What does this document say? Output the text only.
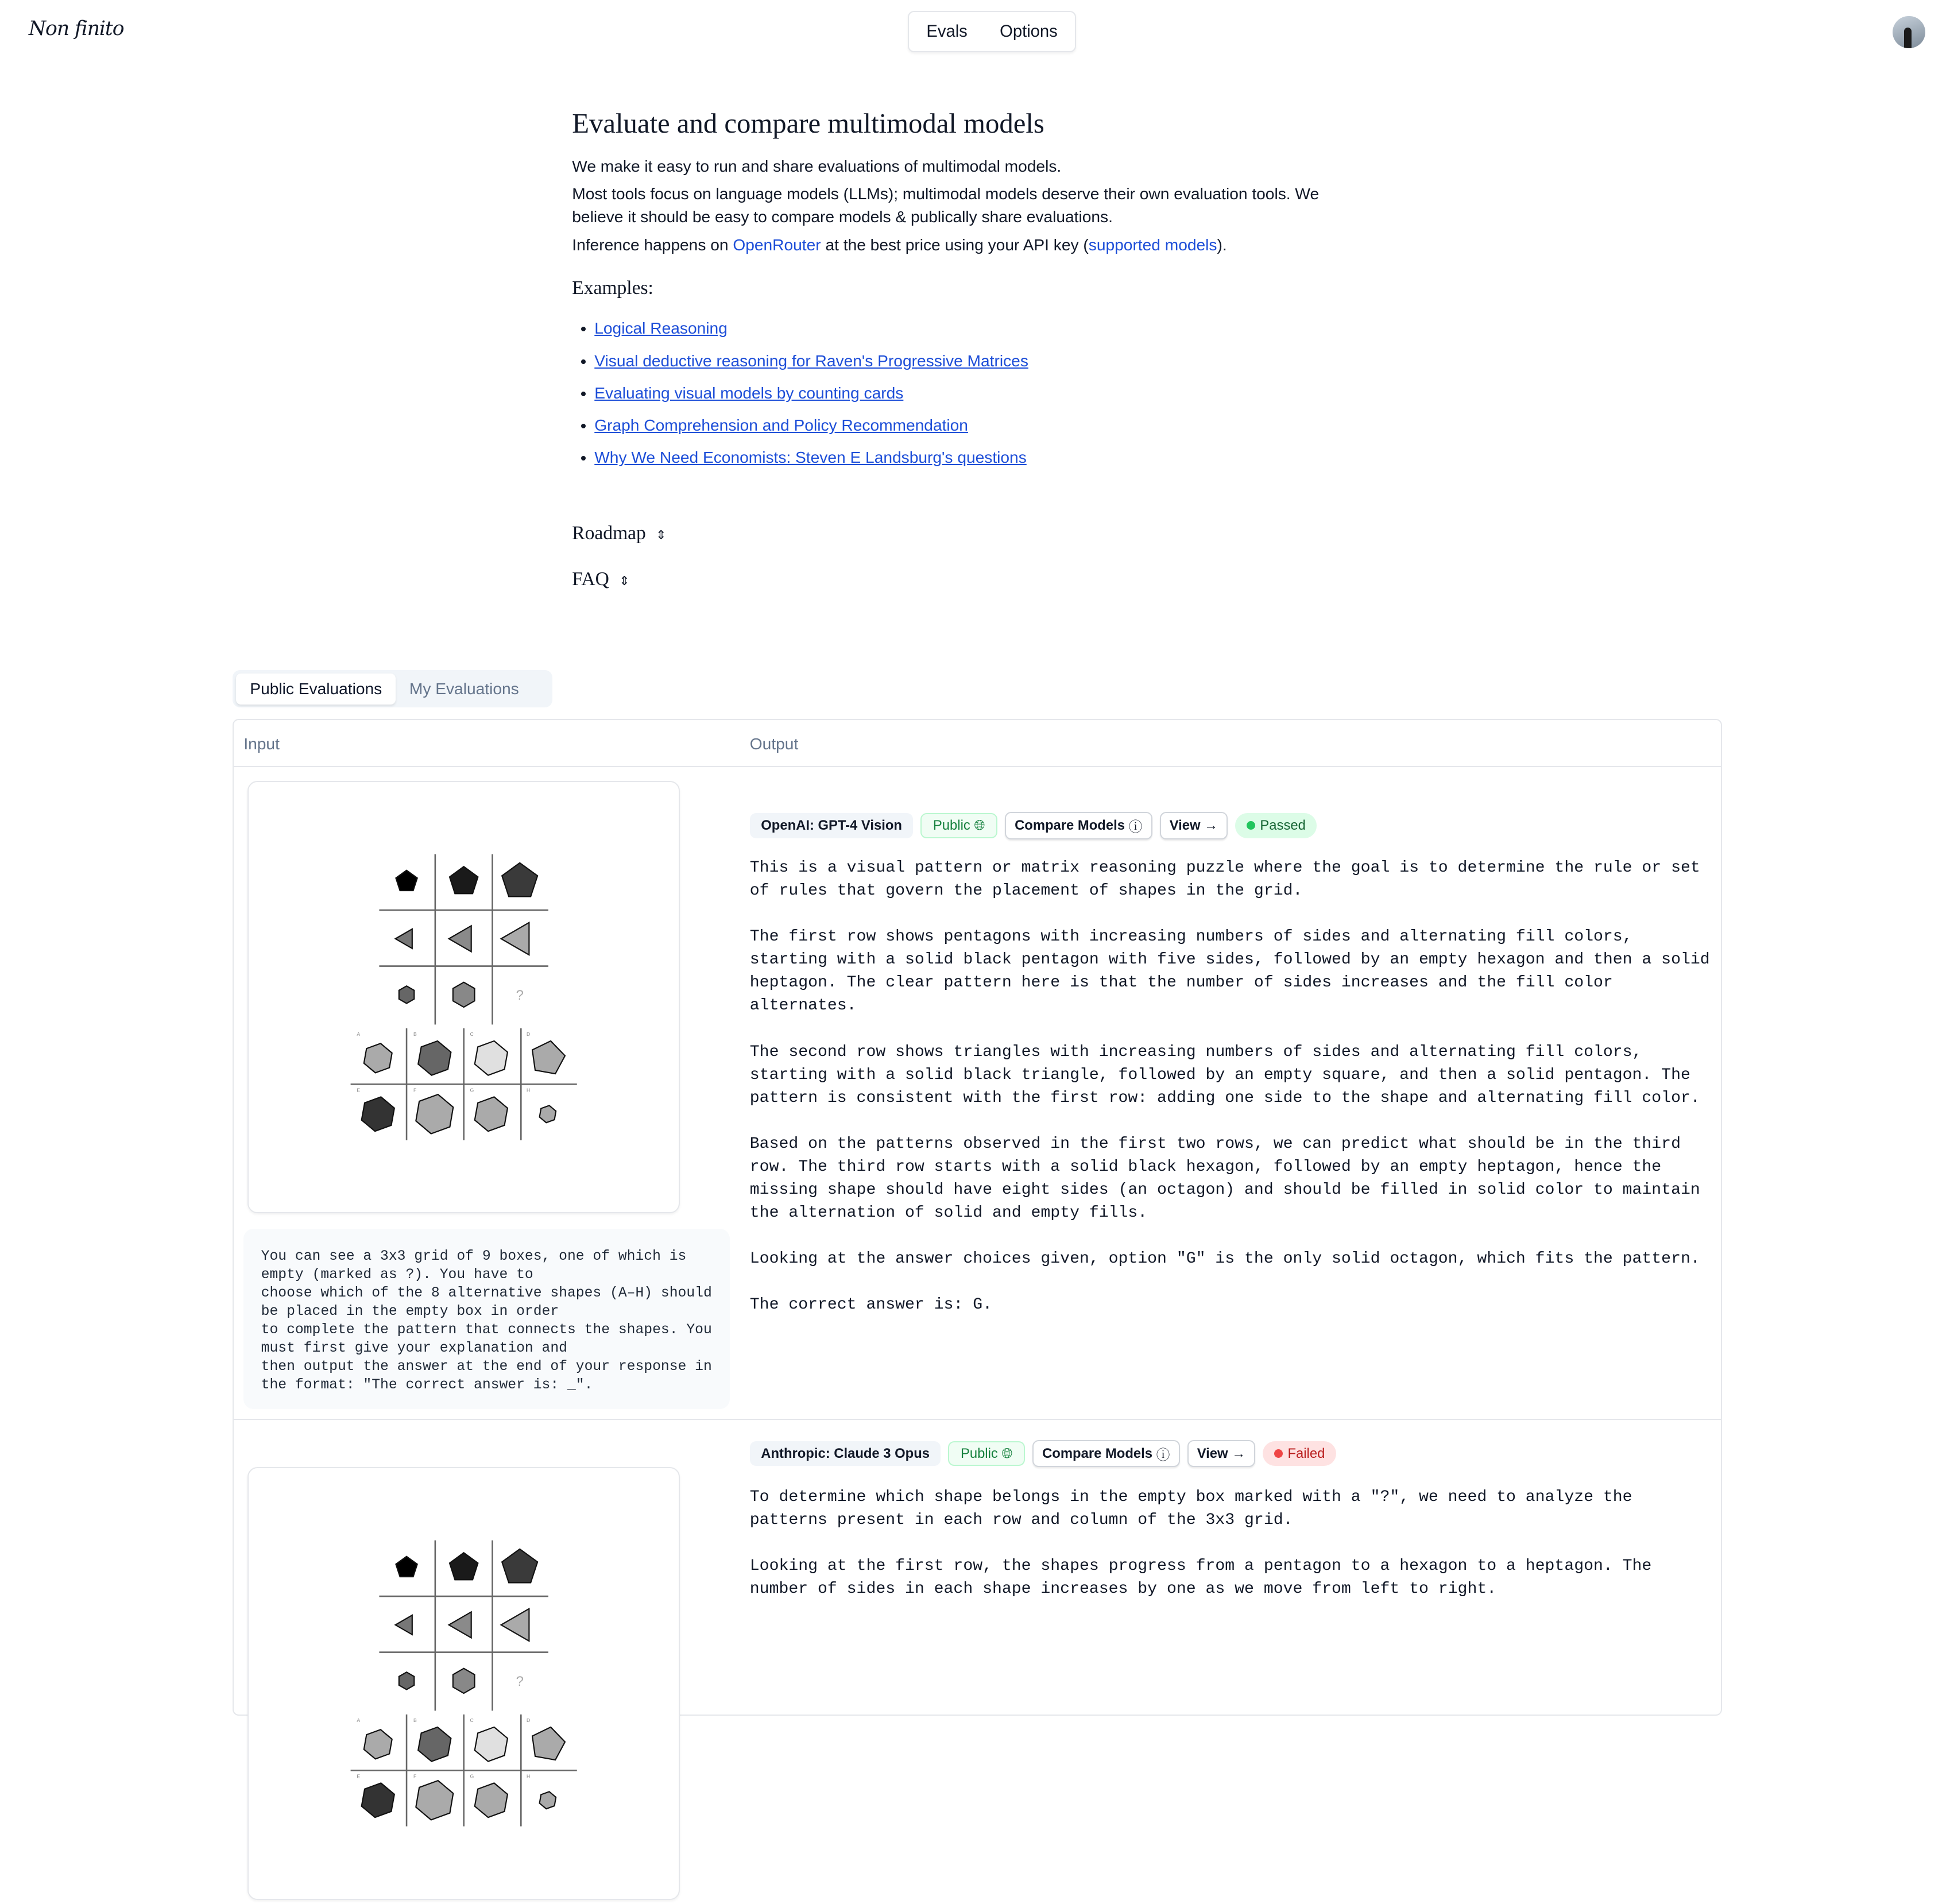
Non finito	Evals	Options
Evaluate and compare multimodal models

We make it easy to run and share evaluations of multimodal models.

Most tools focus on language models (LLMs); multimodal models deserve their own evaluation tools. We believe it should be easy to compare models & publically share evaluations.

Inference happens on OpenRouter at the best price using your API key (supported models).

Examples:
• Logical Reasoning
• Visual deductive reasoning for Raven's Progressive Matrices
• Evaluating visual models by counting cards
• Graph Comprehension and Policy Recommendation
• Why We Need Economists: Steven E Landsburg's questions
Roadmap ⇕
FAQ ⇕
Public Evaluations	My Evaluations
Input	Output
?
A	B	C	D
E	F	G	H
You can see a 3x3 grid of 9 boxes, one of which is
empty (marked as ?). You have to
choose which of the 8 alternative shapes (A–H) should
be placed in the empty box in order
to complete the pattern that connects the shapes. You
must first give your explanation and
then output the answer at the end of your response in
the format: "The correct answer is: _".
OpenAI: GPT-4 Vision	Public
🌐︎	Compare Models
ⓘ	View
→	Passed

This is a visual pattern or matrix reasoning puzzle where the goal is to determine the rule or set of rules that govern the placement of shapes in the grid.

The first row shows pentagons with increasing numbers of sides and alternating fill colors, starting with a solid black pentagon with five sides, followed by an empty hexagon and then a solid heptagon. The clear pattern here is that the number of sides increases and the fill color alternates.

The second row shows triangles with increasing numbers of sides and alternating fill colors, starting with a solid black triangle, followed by an empty square, and then a solid pentagon. The pattern is consistent with the first row: adding one side to the shape and alternating fill color.

Based on the patterns observed in the first two rows, we can predict what should be in the third row. The third row starts with a solid black hexagon, followed by an empty heptagon, hence the missing shape should have eight sides (an octagon) and should be filled in solid color to maintain the alternation of solid and empty fills.

Looking at the answer choices given, option "G" is the only solid octagon, which fits the pattern.

The correct answer is: G.

?
A	B	C	D
E	F	G	H
Anthropic: Claude 3 Opus	Public
🌐︎	Compare Models
ⓘ	View
→	Failed

To determine which shape belongs in the empty box marked with a "?", we need to analyze the patterns present in each row and column of the 3x3 grid.

Looking at the first row, the shapes progress from a pentagon to a hexagon to a heptagon. The number of sides in each shape increases by one as we move from left to right.
